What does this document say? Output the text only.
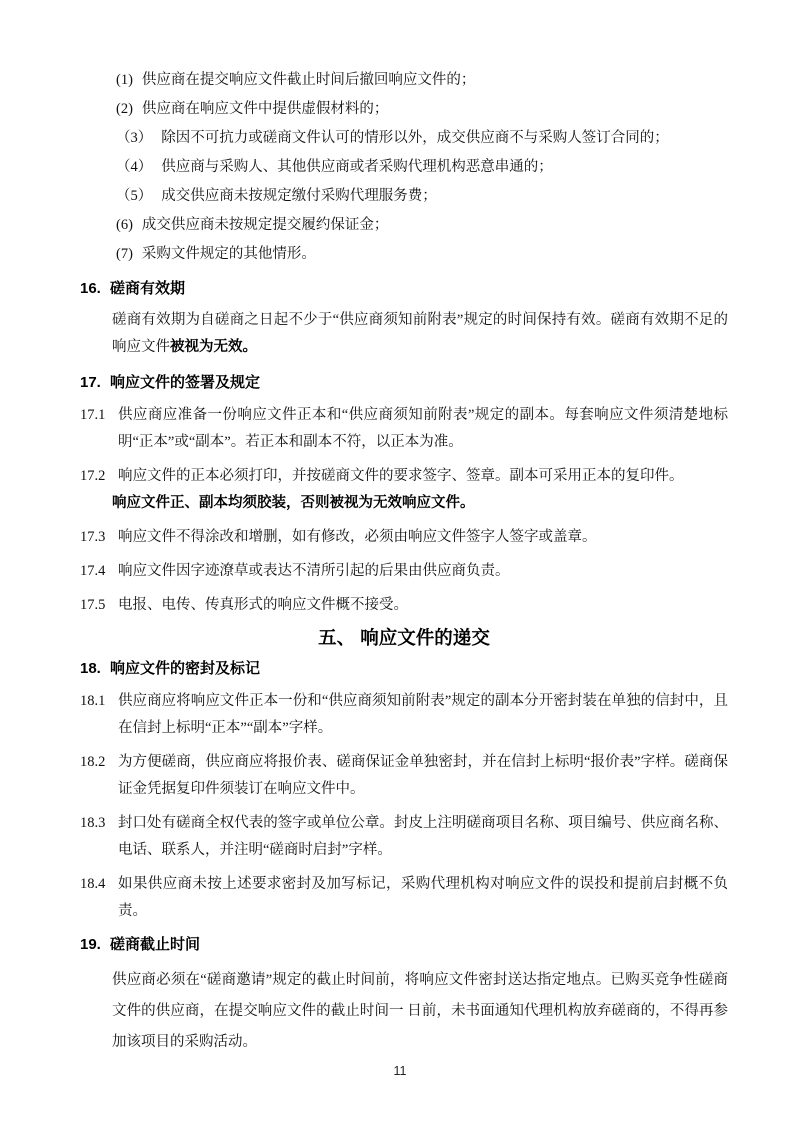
(1) 供应商在提交响应文件截止时间后撤回响应文件的；
(2) 供应商在响应文件中提供虚假材料的；
（3） 除因不可抗力或磋商文件认可的情形以外，成交供应商不与采购人签订合同的；
（4） 供应商与采购人、其他供应商或者采购代理机构恶意串通的；
（5） 成交供应商未按规定缴付采购代理服务费；
(6) 成交供应商未按规定提交履约保证金；
(7) 采购文件规定的其他情形。
16. 磋商有效期
磋商有效期为自磋商之日起不少于“供应商须知前附表”规定的时间保持有效。磋商有效期不足的响应文件被视为无效。
17. 响应文件的签署及规定
17.1 供应商应准备一份响应文件正本和“供应商须知前附表”规定的副本。每套响应文件须清楚地标明“正本”或“副本”。若正本和副本不符，以正本为准。
17.2 响应文件的正本必须打印，并按磋商文件的要求签字、签章。副本可采用正本的复印件。
响应文件正、副本均须胶装，否则被视为无效响应文件。
17.3 响应文件不得涂改和增删，如有修改，必须由响应文件签字人签字或盖章。
17.4 响应文件因字迹潦草或表达不清所引起的后果由供应商负责。
17.5 电报、电传、传真形式的响应文件概不接受。
五、 响应文件的递交
18. 响应文件的密封及标记
18.1 供应商应将响应文件正本一份和“供应商须知前附表”规定的副本分开密封装在单独的信封中，且在信封上标明“正本”“副本”字样。
18.2 为方便磋商，供应商应将报价表、磋商保证金单独密封，并在信封上标明“报价表”字样。磋商保证金凭据复印件须装订在响应文件中。
18.3 封口处有磋商全权代表的签字或单位公章。封皮上注明磋商项目名称、项目编号、供应商名称、电话、联系人，并注明“磋商时启封”字样。
18.4 如果供应商未按上述要求密封及加写标记，采购代理机构对响应文件的误投和提前启封概不负责。
19. 磋商截止时间
供应商必须在“磋商邀请”规定的截止时间前，将响应文件密封送达指定地点。已购买竞争性磋商文件的供应商，在提交响应文件的截止时间一 日前，未书面通知代理机构放弃磋商的，不得再参加该项目的采购活动。
11
